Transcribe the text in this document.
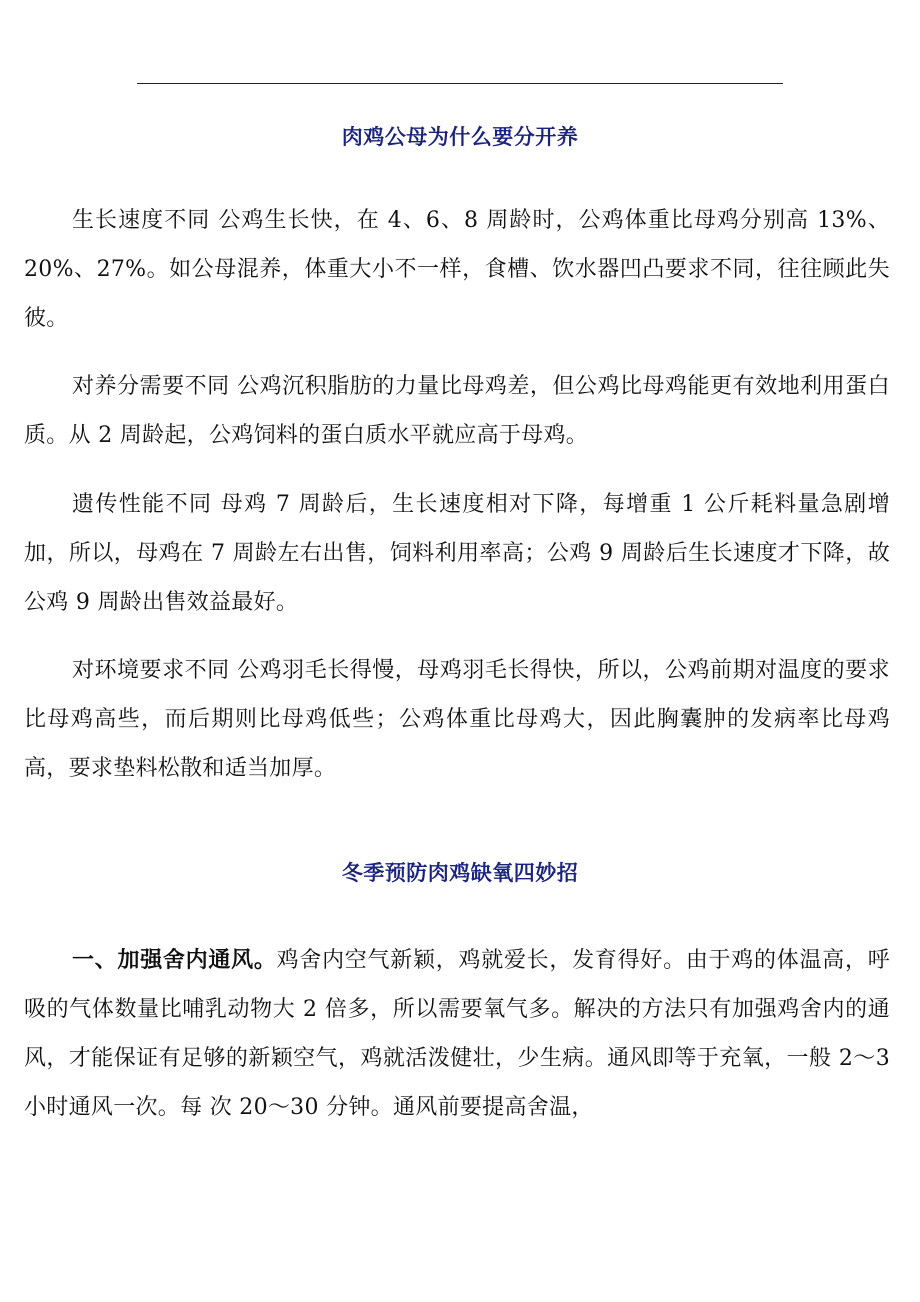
肉鸡公母为什么要分开养

生长速度不同 公鸡生长快，在 4、6、8 周龄时，公鸡体重比母鸡分别高 13%、20%、27%。如公母混养，体重大小不一样，食槽、饮水器凹凸要求不同，往往顾此失彼。

对养分需要不同 公鸡沉积脂肪的力量比母鸡差，但公鸡比母鸡能更有效地利用蛋白质。从 2 周龄起，公鸡饲料的蛋白质水平就应高于母鸡。

遗传性能不同 母鸡 7 周龄后，生长速度相对下降，每增重 1 公斤耗料量急剧增加，所以，母鸡在 7 周龄左右出售，饲料利用率高；公鸡 9 周龄后生长速度才下降，故公鸡 9 周龄出售效益最好。

对环境要求不同 公鸡羽毛长得慢，母鸡羽毛长得快，所以，公鸡前期对温度的要求比母鸡高些，而后期则比母鸡低些；公鸡体重比母鸡大，因此胸囊肿的发病率比母鸡高，要求垫料松散和适当加厚。

冬季预防肉鸡缺氧四妙招

一、加强舍内通风。鸡舍内空气新颖，鸡就爱长，发育得好。由于鸡的体温高，呼吸的气体数量比哺乳动物大 2 倍多，所以需要氧气多。解决的方法只有加强鸡舍内的通风，才能保证有足够的新颖空气，鸡就活泼健壮，少生病。通风即等于充氧，一般 2～3 小时通风一次。每 次 20～30 分钟。通风前要提高舍温，
